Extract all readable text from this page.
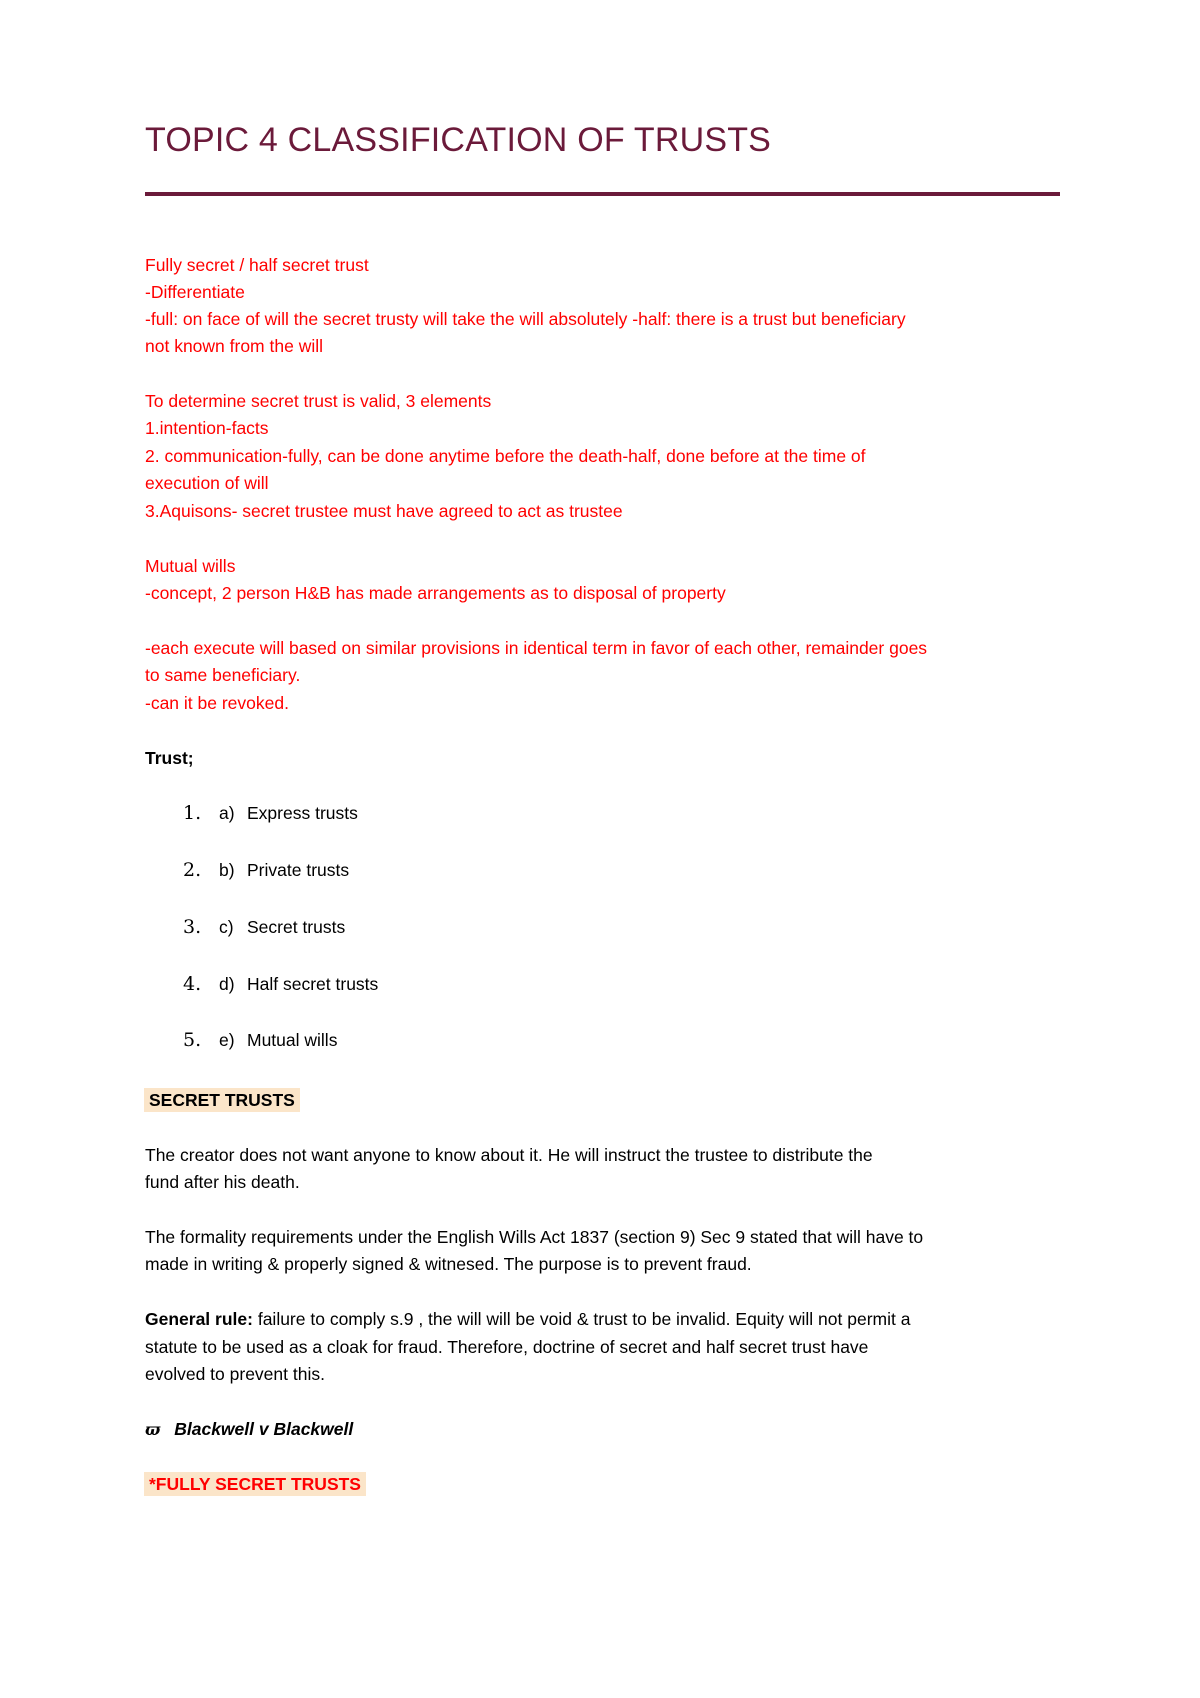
TOPIC 4 CLASSIFICATION OF TRUSTS
Fully secret / half secret trust
-Differentiate
-full: on face of will the secret trusty will take the will absolutely -half: there is a trust but beneficiary
not known from the will
To determine secret trust is valid, 3 elements
1.intention-facts
2. communication-fully, can be done anytime before the death-half, done before at the time of
execution of will
3.Aquisons- secret trustee must have agreed to act as trustee
Mutual wills
-concept, 2 person H&B has made arrangements as to disposal of property
-each execute will based on similar provisions in identical term in favor of each other, remainder goes
to same beneficiary.
-can it be revoked.
Trust;
1. a) Express trusts
2. b) Private trusts
3. c) Secret trusts
4. d) Half secret trusts
5. e) Mutual wills
SECRET TRUSTS
The creator does not want anyone to know about it. He will instruct the trustee to distribute the
fund after his death.
The formality requirements under the English Wills Act 1837 (section 9) Sec 9 stated that will have to
made in writing & properly signed & witnesed. The purpose is to prevent fraud.
General rule: failure to comply s.9 , the will will be void & trust to be invalid. Equity will not permit a
statute to be used as a cloak for fraud. Therefore, doctrine of secret and half secret trust have
evolved to prevent this.
ϖ Blackwell v Blackwell
*FULLY SECRET TRUSTS
